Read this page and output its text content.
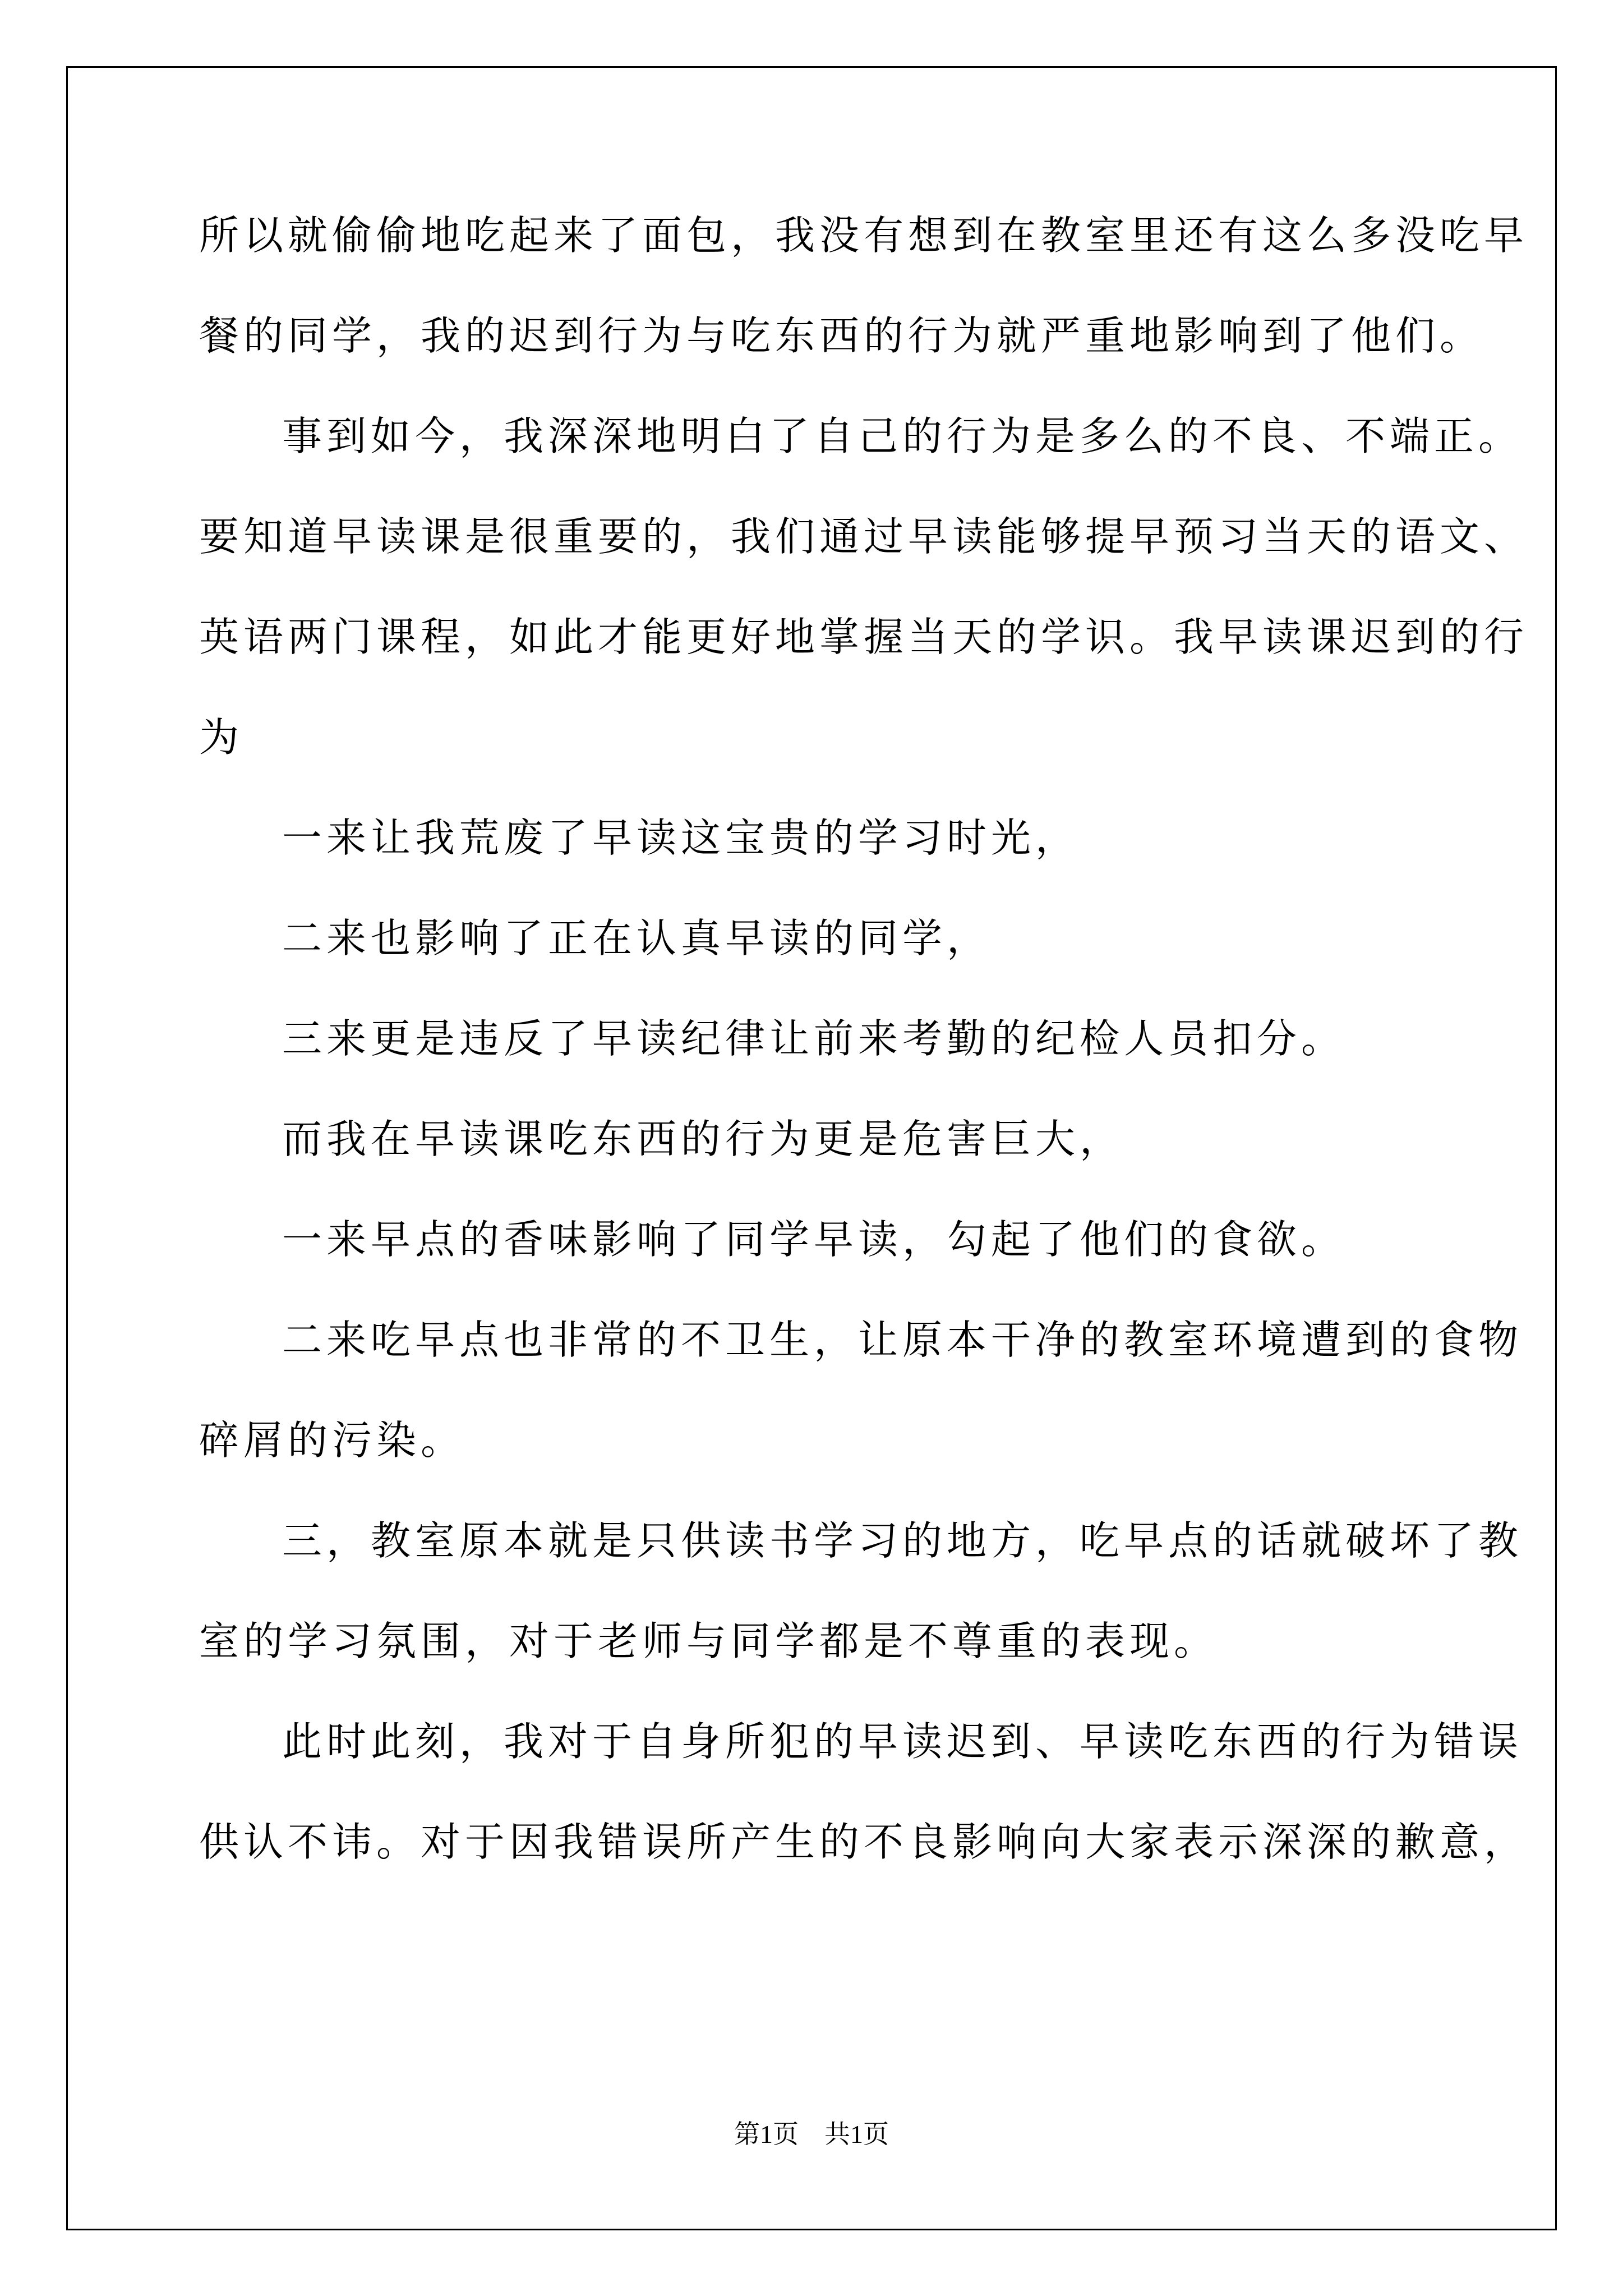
所以就偷偷地吃起来了面包，我没有想到在教室里还有这么多没吃早
餐的同学，我的迟到行为与吃东西的行为就严重地影响到了他们。
事到如今，我深深地明白了自己的行为是多么的不良、不端正。
要知道早读课是很重要的，我们通过早读能够提早预习当天的语文、
英语两门课程，如此才能更好地掌握当天的学识。我早读课迟到的行
为
一来让我荒废了早读这宝贵的学习时光，
二来也影响了正在认真早读的同学，
三来更是违反了早读纪律让前来考勤的纪检人员扣分。
而我在早读课吃东西的行为更是危害巨大，
一来早点的香味影响了同学早读，勾起了他们的食欲。
二来吃早点也非常的不卫生，让原本干净的教室环境遭到的食物
碎屑的污染。
三，教室原本就是只供读书学习的地方，吃早点的话就破坏了教
室的学习氛围，对于老师与同学都是不尊重的表现。
此时此刻，我对于自身所犯的早读迟到、早读吃东西的行为错误
供认不讳。对于因我错误所产生的不良影响向大家表示深深的歉意，
第1页　共1页
